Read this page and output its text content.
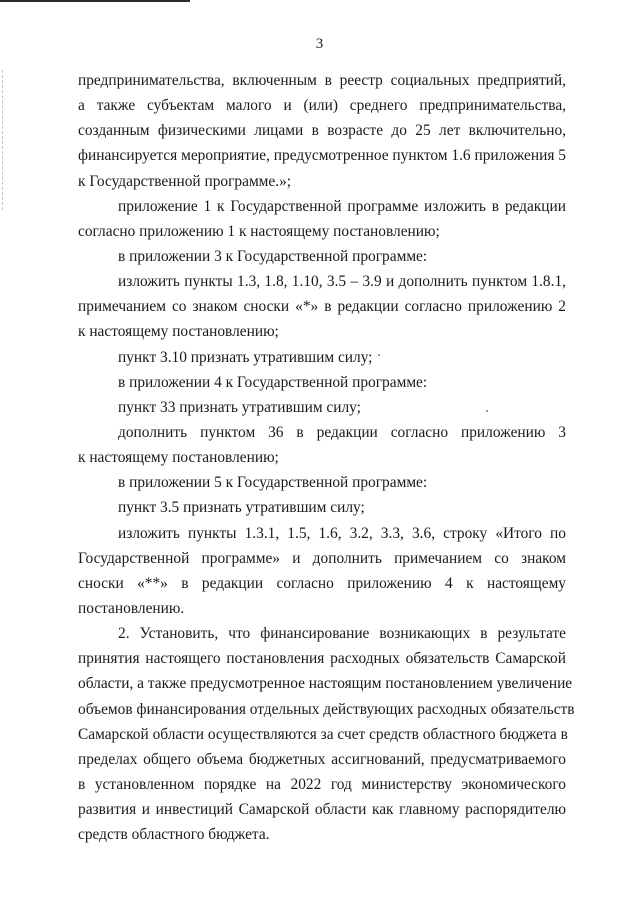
3
предпринимательства, включенным в реестр социальных предприятий,
а также субъектам малого и (или) среднего предпринимательства,
созданным физическими лицами в возрасте до 25 лет включительно,
финансируется мероприятие, предусмотренное пунктом 1.6 приложения 5
к Государственной программе.»;
приложение 1 к Государственной программе изложить в редакции
согласно приложению 1 к настоящему постановлению;
в приложении 3 к Государственной программе:
изложить пункты 1.3, 1.8, 1.10, 3.5 – 3.9 и дополнить пунктом 1.8.1,
примечанием со знаком сноски «*» в редакции согласно приложению 2
к настоящему постановлению;
пункт 3.10 признать утратившим силу;
в приложении 4 к Государственной программе:
пункт 33 признать утратившим силу;
дополнить пунктом 36 в редакции согласно приложению 3
к настоящему постановлению;
в приложении 5 к Государственной программе:
пункт 3.5 признать утратившим силу;
изложить пункты 1.3.1, 1.5, 1.6, 3.2, 3.3, 3.6, строку «Итого по
Государственной программе» и дополнить примечанием со знаком
сноски «**» в редакции согласно приложению 4 к настоящему
постановлению.
2. Установить, что финансирование возникающих в результате
принятия настоящего постановления расходных обязательств Самарской
области, а также предусмотренное настоящим постановлением увеличение
объемов финансирования отдельных действующих расходных обязательств
Самарской области осуществляются за счет средств областного бюджета в
пределах общего объема бюджетных ассигнований, предусматриваемого
в установленном порядке на 2022 год министерству экономического
развития и инвестиций Самарской области как главному распорядителю
средств областного бюджета.
